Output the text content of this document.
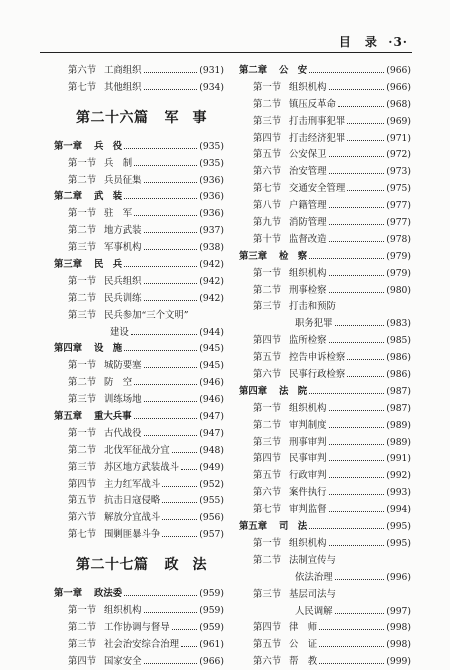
目　录 ·3·
第六节 工商组织	(931)
第七节 其他组织	(934)
第二十六篇 军事
第一章	兵　役	(935)
第一节 兵　制	(935)
第二节 兵员征集	(936)
第二章	武　装	(936)
第一节 驻　军	(936)
第二节 地方武装	(937)
第三节 军事机构	(938)
第三章	民　兵	(942)
第一节 民兵组织	(942)
第二节 民兵训练	(942)
第三节 民兵参加“三个文明”
建设	(944)
第四章	设　施	(945)
第一节 城防要塞	(945)
第二节 防　空	(946)
第三节 训练场地	(946)
第五章	重大兵事	(947)
第一节 古代战役	(947)
第二节 北伐军征战分宜	(948)
第三节 苏区地方武装战斗 (949)
第四节 主力红军战斗	(952)
第五节 抗击日寇侵略	(955)
第六节 解放分宜战斗	(956)
第七节 围剿匪暴斗争	(957)
第二十七篇 政法
第一章	政法委	(959)
第一节 组织机构	(959)
第二节 工作协调与督导	(959)
第三节 社会治安综合治理 (961)
第四节 国家安全	(966)
第二章	公　安	(966)
第一节 组织机构	(966)
第二节 镇压反革命	(968)
第三节 打击刑事犯罪	(969)
第四节 打击经济犯罪	(971)
第五节 公安保卫	(972)
第六节 治安管理	(973)
第七节 交通安全管理	(975)
第八节 户籍管理	(977)
第九节 消防管理	(977)
第十节 监督改造	(978)
第三章	检　察	(979)
第一节 组织机构	(979)
第二节 刑事检察	(980)
第三节 打击和预防
职务犯罪	(983)
第四节 监所检察	(985)
第五节 控告申诉检察	(986)
第六节 民事行政检察	(986)
第四章	法　院	(987)
第一节 组织机构	(987)
第二节 审判制度	(989)
第三节 刑事审判	(989)
第四节 民事审判	(991)
第五节 行政审判	(992)
第六节 案件执行	(993)
第七节 审判监督	(994)
第五章	司　法	(995)
第一节 组织机构	(995)
第二节 法制宣传与
依法治理	(996)
第三节 基层司法与
人民调解	(997)
第四节 律　师	(998)
第五节 公　证	(998)
第六节 帮　教	(999)
